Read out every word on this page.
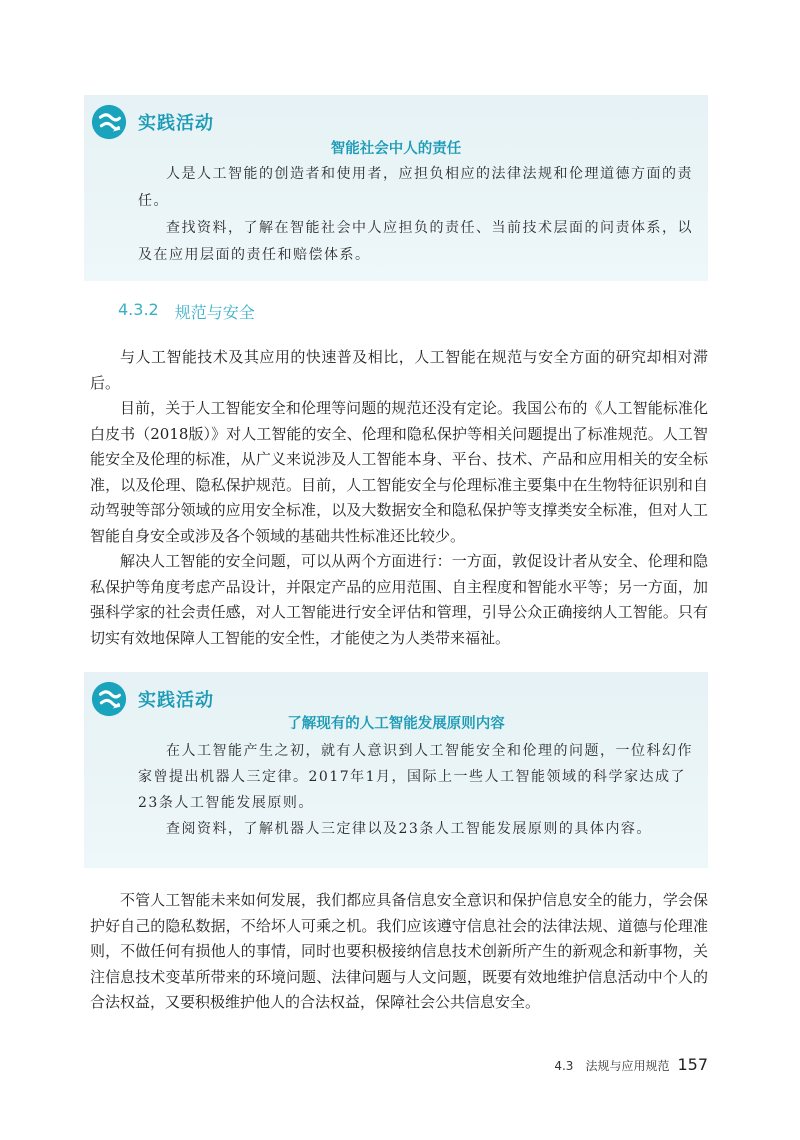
实践活动
智能社会中人的责任

人是人工智能的创造者和使用者，应担负相应的法律法规和伦理道德方面的责任。

查找资料，了解在智能社会中人应担负的责任、当前技术层面的问责体系，以及在应用层面的责任和赔偿体系。

4.3.2 规范与安全

与人工智能技术及其应用的快速普及相比，人工智能在规范与安全方面的研究却相对滞后。

目前，关于人工智能安全和伦理等问题的规范还没有定论。我国公布的《人工智能标准化白皮书（2018版）》对人工智能的安全、伦理和隐私保护等相关问题提出了标准规范。人工智能安全及伦理的标准，从广义来说涉及人工智能本身、平台、技术、产品和应用相关的安全标准，以及伦理、隐私保护规范。目前，人工智能安全与伦理标准主要集中在生物特征识别和自动驾驶等部分领域的应用安全标准，以及大数据安全和隐私保护等支撑类安全标准，但对人工智能自身安全或涉及各个领域的基础共性标准还比较少。

解决人工智能的安全问题，可以从两个方面进行：一方面，敦促设计者从安全、伦理和隐私保护等角度考虑产品设计，并限定产品的应用范围、自主程度和智能水平等；另一方面，加强科学家的社会责任感，对人工智能进行安全评估和管理，引导公众正确接纳人工智能。只有切实有效地保障人工智能的安全性，才能使之为人类带来福祉。

实践活动
了解现有的人工智能发展原则内容

在人工智能产生之初，就有人意识到人工智能安全和伦理的问题，一位科幻作家曾提出机器人三定律。2017年1月，国际上一些人工智能领域的科学家达成了23条人工智能发展原则。

查阅资料，了解机器人三定律以及23条人工智能发展原则的具体内容。

不管人工智能未来如何发展，我们都应具备信息安全意识和保护信息安全的能力，学会保护好自己的隐私数据，不给坏人可乘之机。我们应该遵守信息社会的法律法规、道德与伦理准则，不做任何有损他人的事情，同时也要积极接纳信息技术创新所产生的新观念和新事物，关注信息技术变革所带来的环境问题、法律问题与人文问题，既要有效地维护信息活动中个人的合法权益，又要积极维护他人的合法权益，保障社会公共信息安全。

4.3　法规与应用规范 157
